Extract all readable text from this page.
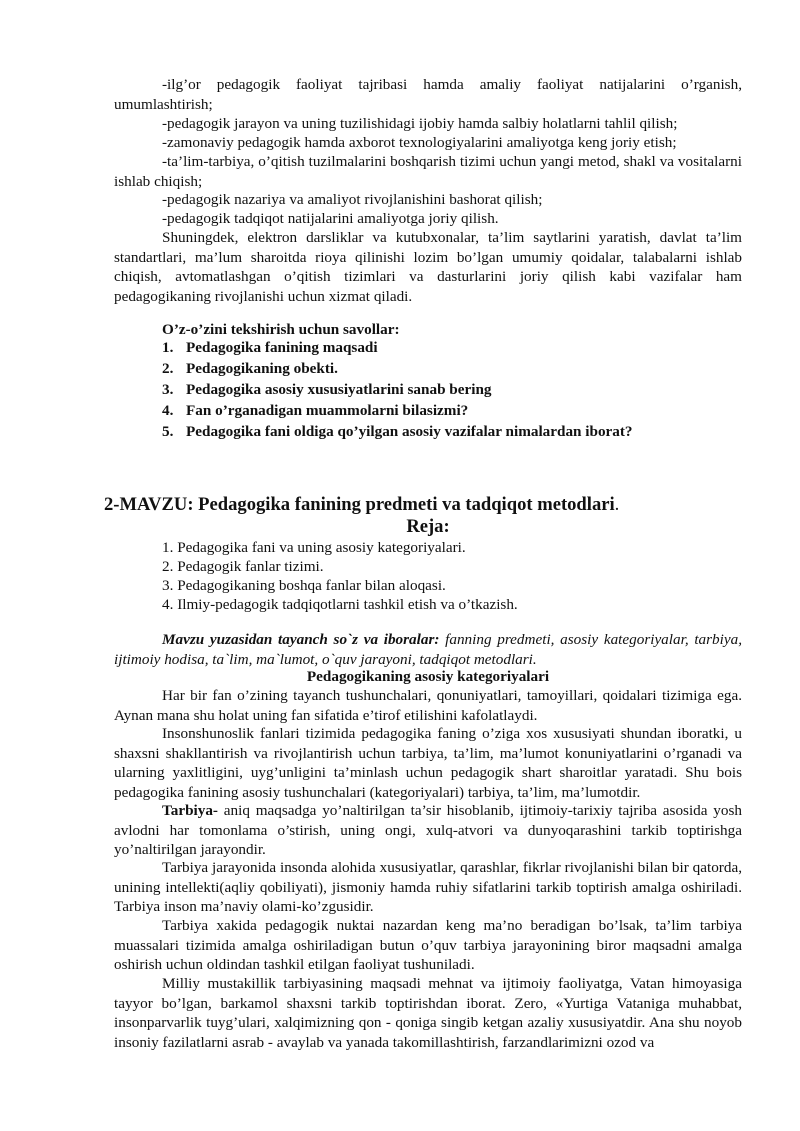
-ilg’or pedagogik faoliyat tajribasi hamda amaliy faoliyat natijalarini o’rganish, umumlashtirish;

-pedagogik jarayon va uning tuzilishidagi ijobiy hamda salbiy holatlarni tahlil qilish;

-zamonaviy pedagogik hamda axborot texnologiyalarini amaliyotga keng joriy etish;

-ta’lim-tarbiya, o’qitish tuzilmalarini boshqarish tizimi uchun yangi metod, shakl va vositalarni ishlab chiqish;

-pedagogik nazariya va amaliyot rivojlanishini bashorat qilish;

-pedagogik tadqiqot natijalarini amaliyotga joriy qilish.

Shuningdek, elektron darsliklar va kutubxonalar, ta’lim saytlarini yaratish, davlat ta’lim standartlari, ma’lum sharoitda rioya qilinishi lozim bo’lgan umumiy qoidalar, talabalarni ishlab chiqish, avtomatlashgan o’qitish tizimlari va dasturlarini joriy qilish kabi vazifalar ham pedagogikaning rivojlanishi uchun xizmat qiladi.

O’z-o’zini tekshirish uchun savollar:

1. Pedagogika fanining maqsadi

2. Pedagogikaning obekti.

3. Pedagogika asosiy xususiyatlarini sanab bering

4. Fan o’rganadigan muammolarni bilasizmi?

5. Pedagogika fani oldiga qo’yilgan asosiy vazifalar nimalardan iborat?

2-MAVZU: Pedagogika fanining predmeti va tadqiqot metodlari.

Reja:

1. Pedagogika fani va uning asosiy kategoriyalari.

2. Pedagogik fanlar tizimi.

3. Pedagogikaning boshqa fanlar bilan aloqasi.

4. Ilmiy-pedagogik tadqiqotlarni tashkil etish va o’tkazish.

Mavzu yuzasidan tayanch so`z va iboralar: fanning predmeti, asosiy kategoriyalar, tarbiya, ijtimoiy hodisa, ta`lim, ma`lumot, o`quv jarayoni, tadqiqot metodlari.

Pedagogikaning asosiy kategoriyalari

Har bir fan o’zining tayanch tushunchalari, qonuniyatlari, tamoyillari, qoidalari tizimiga ega. Aynan mana shu holat uning fan sifatida e’tirof etilishini kafolatlaydi.

Insonshunoslik fanlari tizimida pedagogika faning o’ziga xos xususiyati shundan iboratki, u shaxsni shakllantirish va rivojlantirish uchun tarbiya, ta’lim, ma’lumot konuniyatlarini o’rganadi va ularning yaxlitligini, uyg’unligini ta’minlash uchun pedagogik shart sharoitlar yaratadi. Shu bois pedagogika fanining asosiy tushunchalari (kategoriyalari) tarbiya, ta’lim, ma’lumotdir.

Tarbiya- aniq maqsadga yo’naltirilgan ta’sir hisoblanib, ijtimoiy-tarixiy tajriba asosida yosh avlodni har tomonlama o’stirish, uning ongi, xulq-atvori va dunyoqarashini tarkib toptirishga yo’naltirilgan jarayondir.

Tarbiya jarayonida insonda alohida xususiyatlar, qarashlar, fikrlar rivojlanishi bilan bir qatorda, unining intellekti(aqliy qobiliyati), jismoniy hamda ruhiy sifatlarini tarkib toptirish amalga oshiriladi. Tarbiya inson ma’naviy olami-ko’zgusidir.

Tarbiya xakida pedagogik nuktai nazardan keng ma’no beradigan bo’lsak, ta’lim tarbiya muassalari tizimida amalga oshiriladigan butun o’quv tarbiya jarayonining biror maqsadni amalga oshirish uchun oldindan tashkil etilgan faoliyat tushuniladi.

Milliy mustakillik tarbiyasining maqsadi mehnat va ijtimoiy faoliyatga, Vatan himoyasiga tayyor bo’lgan, barkamol shaxsni tarkib toptirishdan iborat. Zero, «Yurtiga Vataniga muhabbat, insonparvarlik tuyg’ulari, xalqimizning qon - qoniga singib ketgan azaliy xususiyatdir. Ana shu noyob insoniy fazilatlarni asrab - avaylab va yanada takomillashtirish, farzandlarimizni ozod va
